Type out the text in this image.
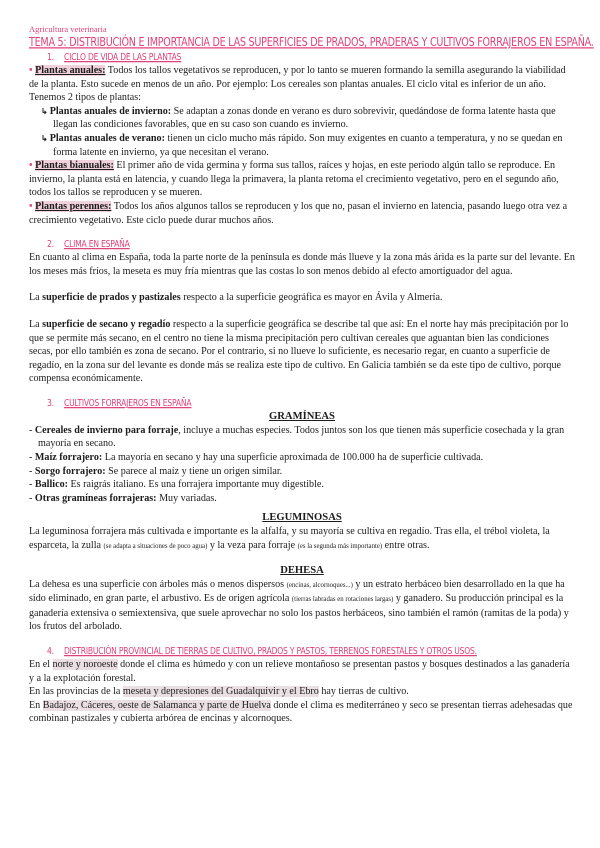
Agricultura veterinaria
TEMA 5: DISTRIBUCIÓN E IMPORTANCIA DE LAS SUPERFICIES DE PRADOS, PRADERAS Y CULTIVOS FORRAJEROS EN ESPAÑA.
1. CICLO DE VIDA DE LAS PLANTAS

• Plantas anuales: Todos los tallos vegetativos se reproducen, y por lo tanto se mueren formando la semilla asegurando la viabilidad de la planta. Esto sucede en menos de un año. Por ejemplo: Los cereales son plantas anuales. El ciclo vital es inferior de un año. Tenemos 2 tipos de plantas:

↳ Plantas anuales de invierno: Se adaptan a zonas donde en verano es duro sobrevivir, quedándose de forma latente hasta que llegan las condiciones favorables, que en su caso son cuando es invierno.

↳ Plantas anuales de verano: tienen un ciclo mucho más rápido. Son muy exigentes en cuanto a temperatura, y no se quedan en forma latente en invierno, ya que necesitan el verano.

• Plantas bianuales: El primer año de vida germina y forma sus tallos, raíces y hojas, en este periodo algún tallo se reproduce. En invierno, la planta está en latencia, y cuando llega la primavera, la planta retoma el crecimiento vegetativo, pero en el segundo año, todos los tallos se reproducen y se mueren.

• Plantas perennes: Todos los años algunos tallos se reproducen y los que no, pasan el invierno en latencia, pasando luego otra vez a crecimiento vegetativo. Este ciclo puede durar muchos años.

2. CLIMA EN ESPAÑA

En cuanto al clima en España, toda la parte norte de la península es donde más llueve y la zona más árida es la parte sur del levante. En los meses más fríos, la meseta es muy fría mientras que las costas lo son menos debido al efecto amortiguador del agua.

La superficie de prados y pastizales respecto a la superficie geográfica es mayor en Ávila y Almería.

La superficie de secano y regadío respecto a la superficie geográfica se describe tal que así: En el norte hay más precipitación por lo que se permite más secano, en el centro no tiene la misma precipitación pero cultivan cereales que aguantan bien las condiciones secas, por ello también es zona de secano. Por el contrario, si no llueve lo suficiente, es necesario regar, en cuanto a superficie de regadío, en la zona sur del levante es donde más se realiza este tipo de cultivo. En Galicia también se da este tipo de cultivo, porque compensa económicamente.

3. CULTIVOS FORRAJEROS EN ESPAÑA
GRAMÍNEAS

- Cereales de invierno para forraje, incluye a muchas especies. Todos juntos son los que tienen más superficie cosechada y la gran mayoría en secano.

- Maíz forrajero: La mayoría en secano y hay una superficie aproximada de 100.000 ha de superficie cultivada.

- Sorgo forrajero: Se parece al maíz y tiene un origen similar.

- Ballico: Es raigrás italiano. Es una forrajera importante muy digestible.

- Otras gramíneas forrajeras: Muy variadas.

LEGUMINOSAS

La leguminosa forrajera más cultivada e importante es la alfalfa, y su mayoría se cultiva en regadío. Tras ella, el trébol violeta, la esparceta, la zulla (se adapta a situaciones de poco agua) y la veza para forraje (es la segunda más importante) entre otras.

DEHESA

La dehesa es una superficie con árboles más o menos dispersos (encinas, alcornoques...) y un estrato herbáceo bien desarrollado en la que ha sido eliminado, en gran parte, el arbustivo. Es de origen agrícola (tierras labradas en rotaciones largas) y ganadero. Su producción principal es la ganadería extensiva o semiextensiva, que suele aprovechar no solo los pastos herbáceos, sino también el ramón (ramitas de la poda) y los frutos del arbolado.

4. DISTRIBUCIÓN PROVINCIAL DE TIERRAS DE CULTIVO, PRADOS Y PASTOS, TERRENOS FORESTALES Y OTROS USOS.

En el norte y noroeste donde el clima es húmedo y con un relieve montañoso se presentan pastos y bosques destinados a las ganadería y a la explotación forestal.

En las provincias de la meseta y depresiones del Guadalquivir y el Ebro hay tierras de cultivo.

En Badajoz, Cáceres, oeste de Salamanca y parte de Huelva donde el clima es mediterráneo y seco se presentan tierras adehesadas que combinan pastizales y cubierta arbórea de encinas y alcornoques.
